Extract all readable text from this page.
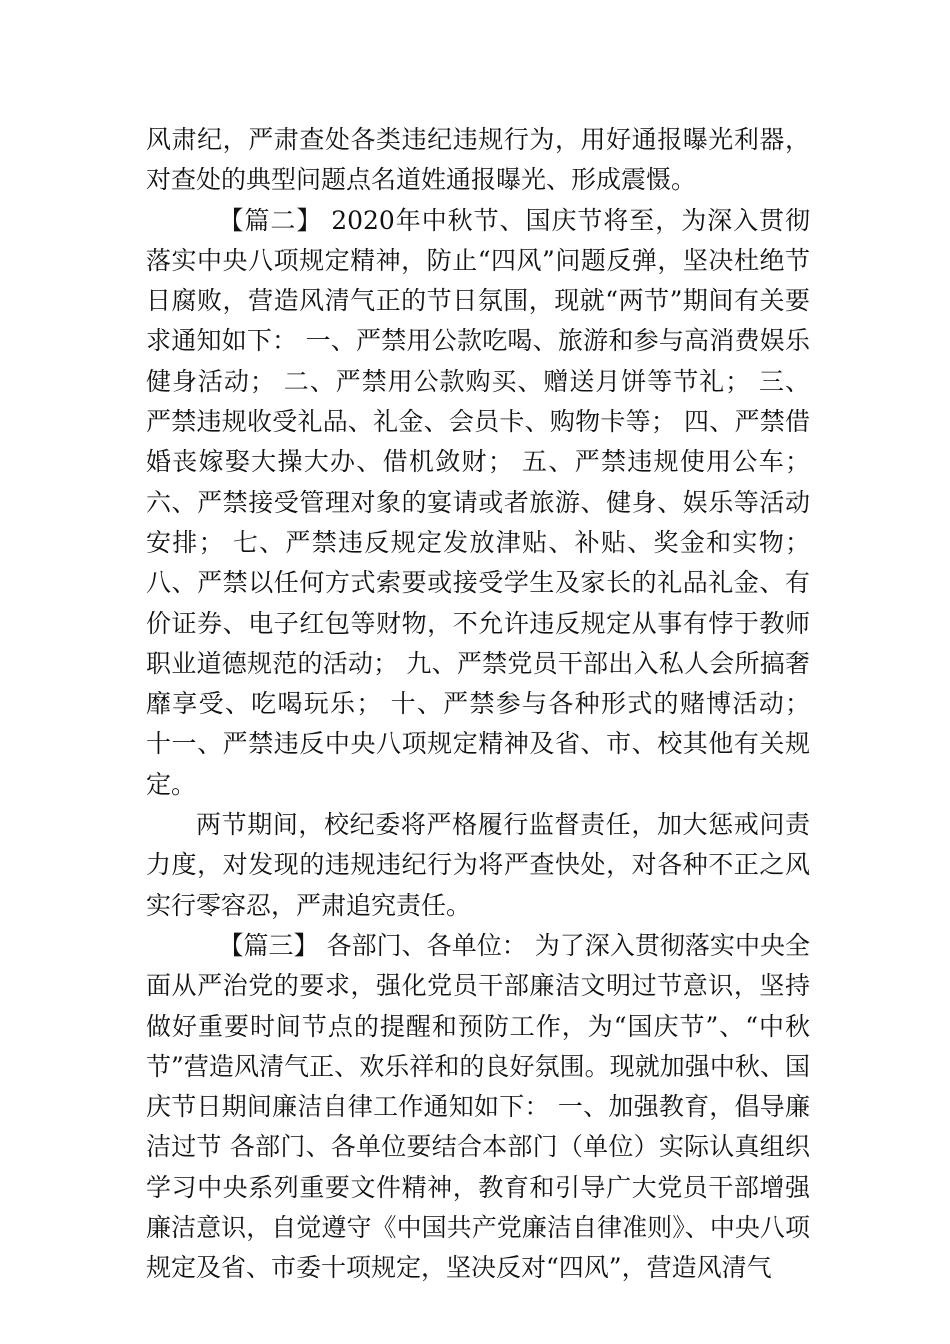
风肃纪，严肃查处各类违纪违规行为，用好通报曝光利器，对查处的典型问题点名道姓通报曝光、形成震慑。

【篇二】 2020年中秋节、国庆节将至，为深入贯彻落实中央八项规定精神，防止“四风”问题反弹，坚决杜绝节日腐败，营造风清气正的节日氛围，现就“两节”期间有关要求通知如下： 一、严禁用公款吃喝、旅游和参与高消费娱乐健身活动； 二、严禁用公款购买、赠送月饼等节礼； 三、严禁违规收受礼品、礼金、会员卡、购物卡等； 四、严禁借婚丧嫁娶大操大办、借机敛财； 五、严禁违规使用公车； 六、严禁接受管理对象的宴请或者旅游、健身、娱乐等活动安排； 七、严禁违反规定发放津贴、补贴、奖金和实物； 八、严禁以任何方式索要或接受学生及家长的礼品礼金、有价证券、电子红包等财物，不允许违反规定从事有悖于教师职业道德规范的活动； 九、严禁党员干部出入私人会所搞奢靡享受、吃喝玩乐； 十、严禁参与各种形式的赌博活动； 十一、严禁违反中央八项规定精神及省、市、校其他有关规定。

两节期间，校纪委将严格履行监督责任，加大惩戒问责力度，对发现的违规违纪行为将严查快处，对各种不正之风实行零容忍，严肃追究责任。

【篇三】 各部门、各单位： 为了深入贯彻落实中央全面从严治党的要求，强化党员干部廉洁文明过节意识，坚持做好重要时间节点的提醒和预防工作，为“国庆节”、“中秋节”营造风清气正、欢乐祥和的良好氛围。现就加强中秋、国庆节日期间廉洁自律工作通知如下： 一、加强教育，倡导廉洁过节 各部门、各单位要结合本部门（单位）实际认真组织学习中央系列重要文件精神，教育和引导广大党员干部增强廉洁意识，自觉遵守《中国共产党廉洁自律准则》、中央八项规定及省、市委十项规定，坚决反对“四风”，营造风清气
